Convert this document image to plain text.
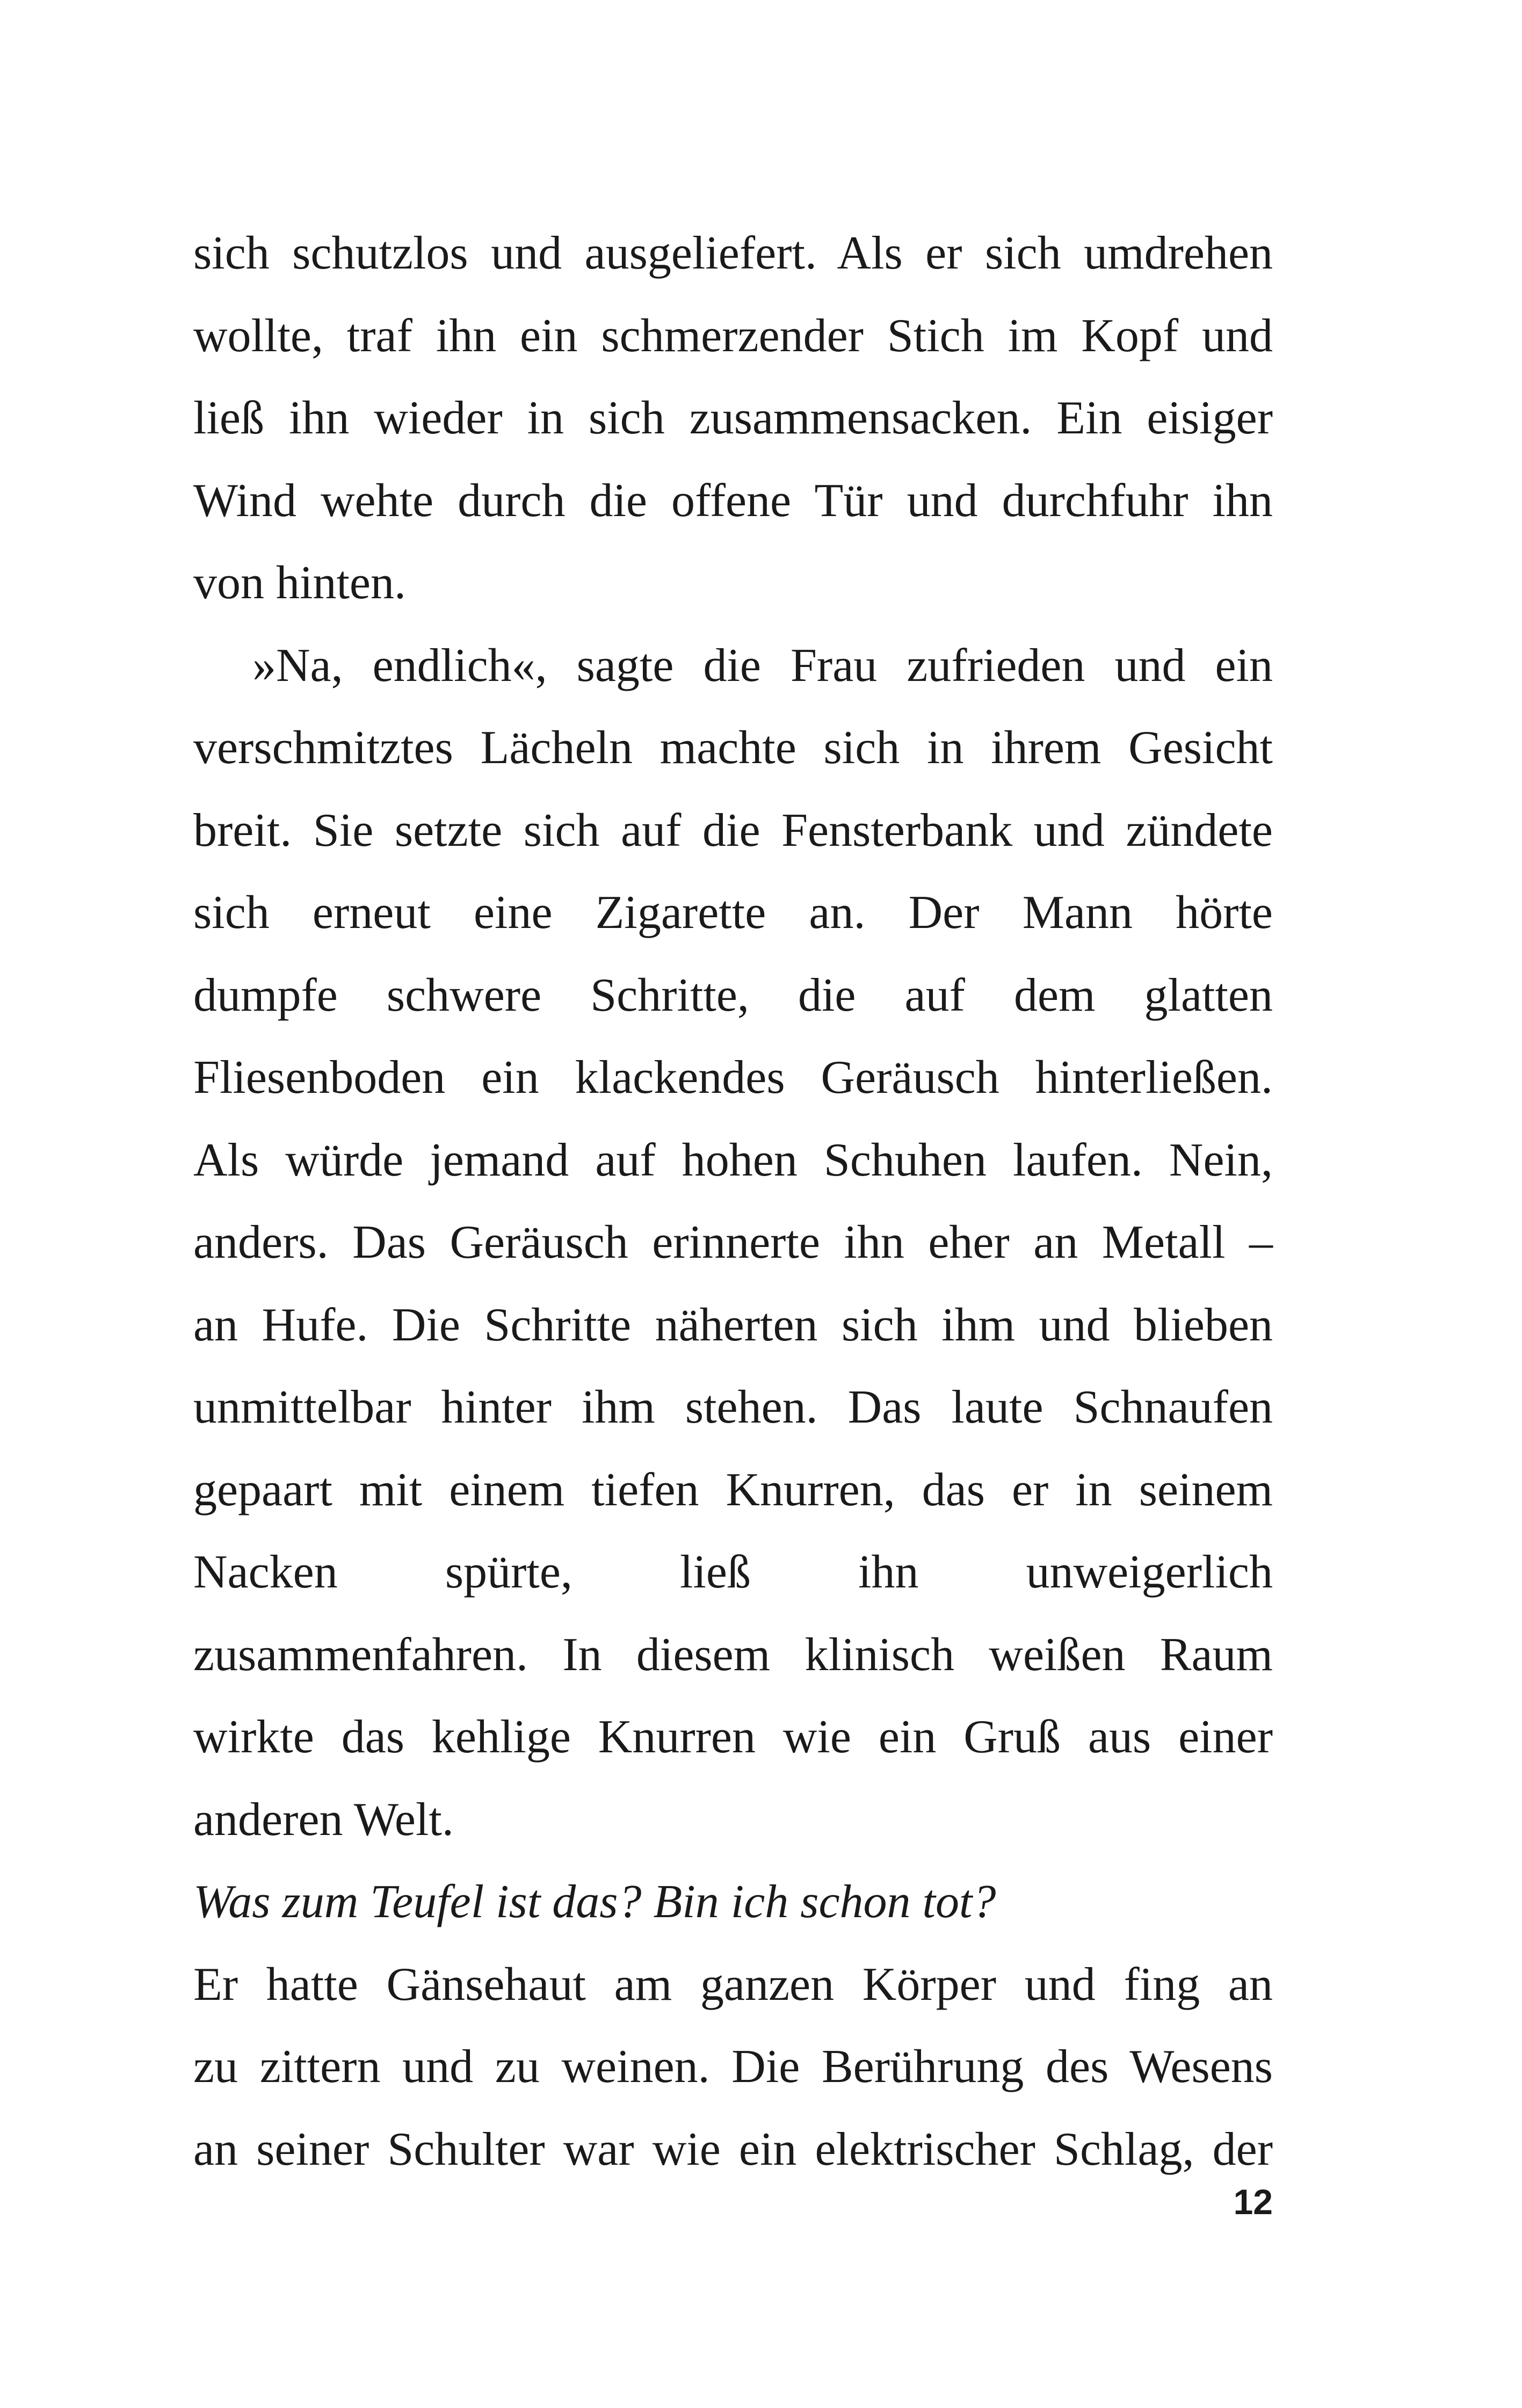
sich schutzlos und ausgeliefert. Als er sich umdrehen
wollte, traf ihn ein schmerzender Stich im Kopf und
ließ ihn wieder in sich zusammensacken. Ein eisiger
Wind wehte durch die offene Tür und durchfuhr ihn
von hinten.
»Na, endlich«, sagte die Frau zufrieden und ein
verschmitztes Lächeln machte sich in ihrem Gesicht
breit. Sie setzte sich auf die Fensterbank und zündete
sich erneut eine Zigarette an. Der Mann hörte
dumpfe schwere Schritte, die auf dem glatten
Fliesenboden ein klackendes Geräusch hinterließen.
Als würde jemand auf hohen Schuhen laufen. Nein,
anders. Das Geräusch erinnerte ihn eher an Metall –
an Hufe. Die Schritte näherten sich ihm und blieben
unmittelbar hinter ihm stehen. Das laute Schnaufen
gepaart mit einem tiefen Knurren, das er in seinem
Nacken spürte, ließ ihn unweigerlich
zusammenfahren. In diesem klinisch weißen Raum
wirkte das kehlige Knurren wie ein Gruß aus einer
anderen Welt.
Was zum Teufel ist das? Bin ich schon tot?
Er hatte Gänsehaut am ganzen Körper und fing an
zu zittern und zu weinen. Die Berührung des Wesens
an seiner Schulter war wie ein elektrischer Schlag, der
12
